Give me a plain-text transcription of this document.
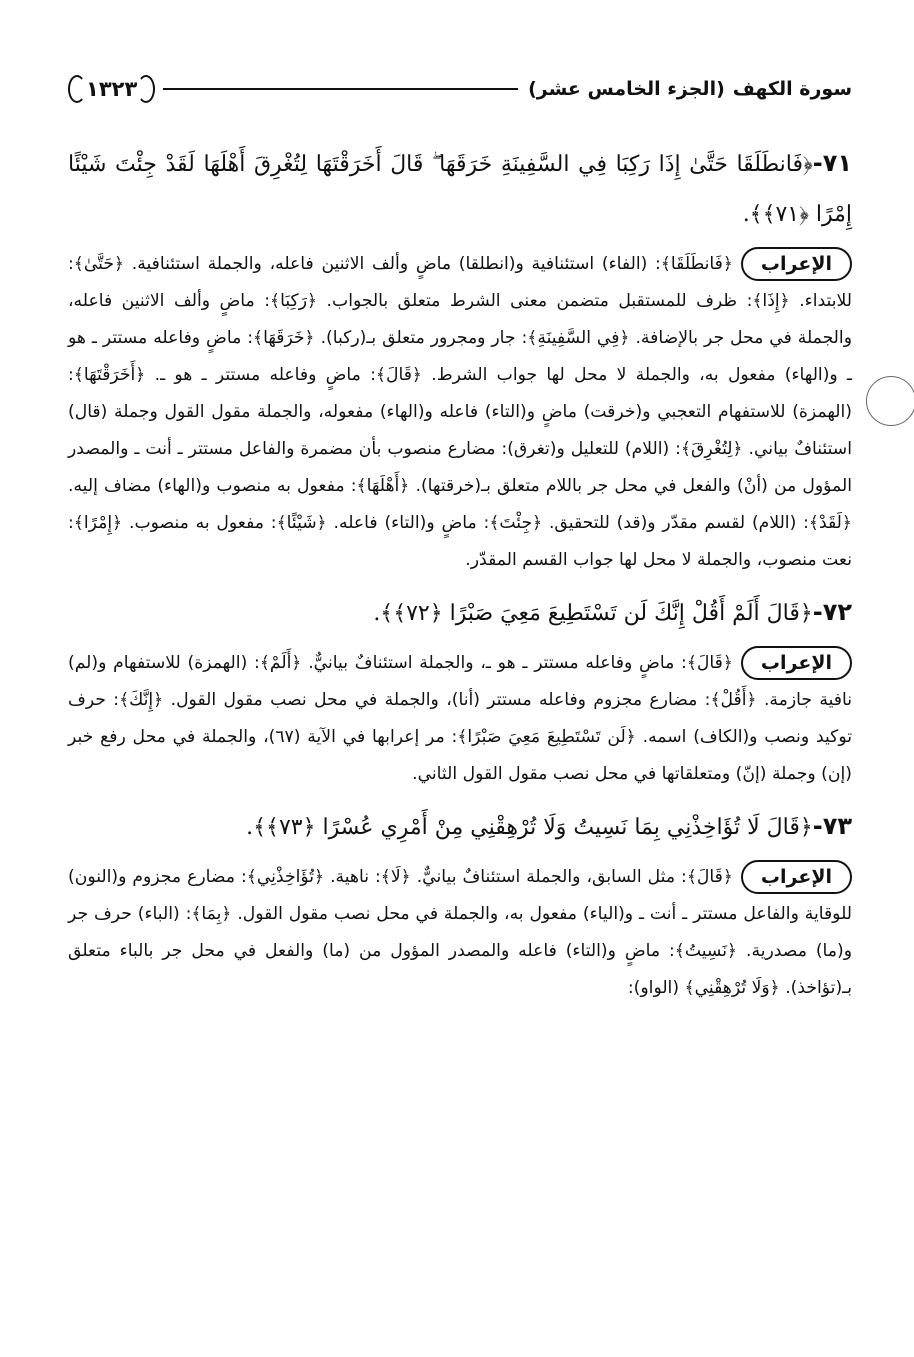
سورة الكهف
(الجزء الخامس عشر)
١٣٢٣
٧١-﴿فَانطَلَقَا حَتَّىٰ إِذَا رَكِبَا فِي السَّفِينَةِ خَرَقَهَا ۖ قَالَ أَخَرَقْتَهَا لِتُغْرِقَ أَهْلَهَا لَقَدْ جِئْتَ شَيْئًا إِمْرًا ﴿٧١﴾﴾.
الإعراب﴿فَانطَلَقَا﴾: (الفاء) استئنافية و(انطلقا) ماضٍ وألف الاثنين فاعله، والجملة استئنافية. ﴿حَتَّىٰ﴾: للابتداء. ﴿إِذَا﴾: ظرف للمستقبل متضمن معنى الشرط متعلق بالجواب. ﴿رَكِبَا﴾: ماضٍ وألف الاثنين فاعله، والجملة في محل جر بالإضافة. ﴿فِي السَّفِينَةِ﴾: جار ومجرور متعلق بـ(ركبا). ﴿خَرَقَهَا﴾: ماضٍ وفاعله مستتر ـ هو ـ و(الهاء) مفعول به، والجملة لا محل لها جواب الشرط. ﴿قَالَ﴾: ماضٍ وفاعله مستتر ـ هو ـ. ﴿أَخَرَقْتَهَا﴾: (الهمزة) للاستفهام التعجبي و(خرقت) ماضٍ و(التاء) فاعله و(الهاء) مفعوله، والجملة مقول القول وجملة (قال) استئنافٌ بياني. ﴿لِتُغْرِقَ﴾: (اللام) للتعليل و(تغرق): مضارع منصوب بأن مضمرة والفاعل مستتر ـ أنت ـ والمصدر المؤول من (أنْ) والفعل في محل جر باللام متعلق بـ(خرقتها). ﴿أَهْلَهَا﴾: مفعول به منصوب و(الهاء) مضاف إليه. ﴿لَقَدْ﴾: (اللام) لقسم مقدّر و(قد) للتحقيق. ﴿جِئْتَ﴾: ماضٍ و(التاء) فاعله. ﴿شَيْئًا﴾: مفعول به منصوب. ﴿إِمْرًا﴾: نعت منصوب، والجملة لا محل لها جواب القسم المقدّر.
٧٢-﴿قَالَ أَلَمْ أَقُلْ إِنَّكَ لَن تَسْتَطِيعَ مَعِيَ صَبْرًا ﴿٧٢﴾﴾.
الإعراب﴿قَالَ﴾: ماضٍ وفاعله مستتر ـ هو ـ، والجملة استئنافٌ بيانيٌّ. ﴿أَلَمْ﴾: (الهمزة) للاستفهام و(لم) نافية جازمة. ﴿أَقُلْ﴾: مضارع مجزوم وفاعله مستتر (أنا)، والجملة في محل نصب مقول القول. ﴿إِنَّكَ﴾: حرف توكيد ونصب و(الكاف) اسمه. ﴿لَن تَسْتَطِيعَ مَعِيَ صَبْرًا﴾: مر إعرابها في الآية (٦٧)، والجملة في محل رفع خبر (إن) وجملة (إنّ) ومتعلقاتها في محل نصب مقول القول الثاني.
٧٣-﴿قَالَ لَا تُؤَاخِذْنِي بِمَا نَسِيتُ وَلَا تُرْهِقْنِي مِنْ أَمْرِي عُسْرًا ﴿٧٣﴾﴾.
الإعراب﴿قَالَ﴾: مثل السابق، والجملة استئنافٌ بيانيٌّ. ﴿لَا﴾: ناهية. ﴿تُؤَاخِذْنِي﴾: مضارع مجزوم و(النون) للوقاية والفاعل مستتر ـ أنت ـ و(الياء) مفعول به، والجملة في محل نصب مقول القول. ﴿بِمَا﴾: (الباء) حرف جر و(ما) مصدرية. ﴿نَسِيتُ﴾: ماضٍ و(التاء) فاعله والمصدر المؤول من (ما) والفعل في محل جر بالباء متعلق بـ(تؤاخذ). ﴿وَلَا تُرْهِقْنِي﴾ (الواو):
